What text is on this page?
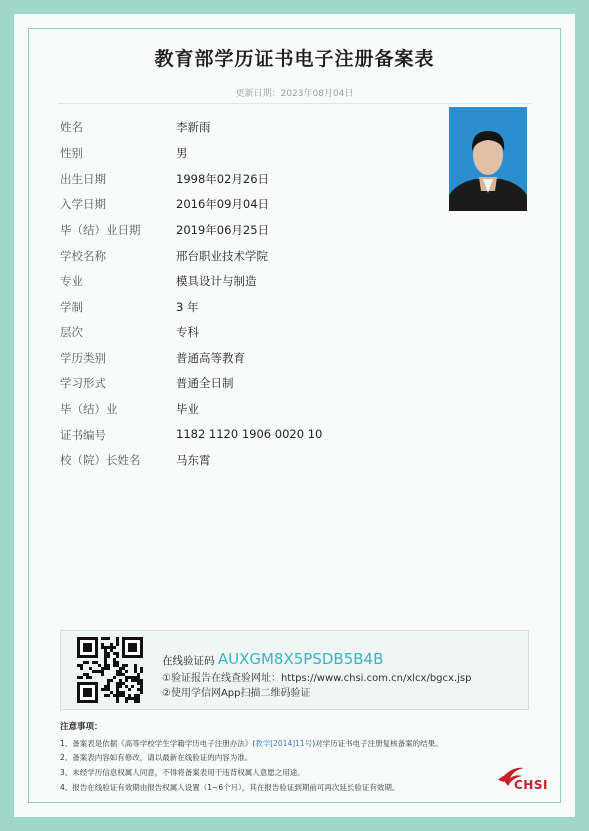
教育部学历证书电子注册备案表
更新日期：2023年08月04日
姓名	李新雨
性别	男
出生日期	1998年02月26日
入学日期	2016年09月04日
毕（结）业日期	2019年06月25日
学校名称	邢台职业技术学院
专业	模具设计与制造
学制	3 年
层次	专科
学历类别	普通高等教育
学习形式	普通全日制
毕（结）业	毕业
证书编号	1182 1120 1906 0020 10
校（院）长姓名	马东霄
在线验证码 AUXGM8X5PSDB5B4B
①验证报告在线查验网址：https://www.chsi.com.cn/xlcx/bgcx.jsp
②使用学信网App扫描二维码验证
注意事项：
1、备案表是依据《高等学校学生学籍学历电子注册办法》(教学[2014]11号)对学历证书电子注册复核备案的结果。
2、备案表内容如有修改，请以最新在线验证的内容为准。
3、未经学历信息权属人同意，不得将备案表用于违背权属人意愿之用途。
4、报告在线验证有效期由报告权属人设置（1~6个月），其在报告验证到期前可再次延长验证有效期。	CHSI
